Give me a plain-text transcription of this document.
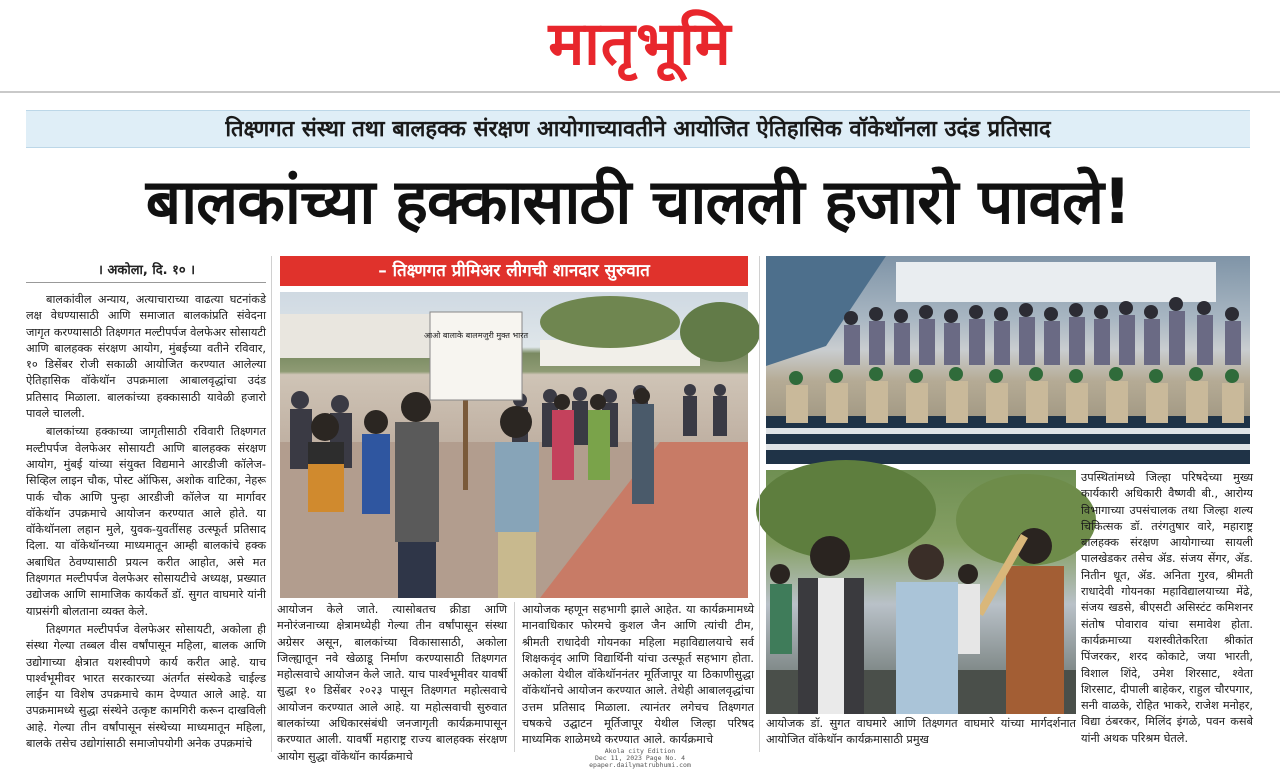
मातृभूमि
तिक्ष्णगत संस्था तथा बालहक्क संरक्षण आयोगाच्यावतीने आयोजित ऐतिहासिक वॉकेथॉनला उदंड प्रतिसाद
बालकांच्या हक्कासाठी चालली हजारो पावले!
। अकोला, दि. १० ।

बालकांवील अन्याय, अत्याचाराच्या वाढत्या घटनांकडे लक्ष वेधण्यासाठी आणि समाजात बालकांप्रति संवेदना जागृत करण्यासाठी तिक्ष्णगत मल्टीपर्पज वेलफेअर सोसायटी आणि बालहक्क संरक्षण आयोग, मुंबईच्या वतीने रविवार, १० डिसेंबर रोजी सकाळी आयोजित करण्यात आलेल्या ऐतिहासिक वॉकेथॉन उपक्रमाला आबालवृद्धांचा उदंड प्रतिसाद मिळाला. बालकांच्या हक्कासाठी यावेळी हजारो पावले चालली.

बालकांच्या हक्काच्या जागृतीसाठी रविवारी तिक्ष्णगत मल्टीपर्पज वेलफेअर सोसायटी आणि बालहक्क संरक्षण आयोग, मुंबई यांच्या संयुक्त विद्यमाने आरडीजी कॉलेज-सिव्हिल लाइन चौक, पोस्ट ऑफिस, अशोक वाटिका, नेहरू पार्क चौक आणि पुन्हा आरडीजी कॉलेज या मार्गावर वॉकेथॉन उपक्रमाचे आयोजन करण्यात आले होते. या वॉकेथॉनला लहान मुले, युवक-युवतींसह उत्स्फूर्त प्रतिसाद दिला. या वॉकेथॉनच्या माध्यमातून आम्ही बालकांचे हक्क अबाधित ठेवण्यासाठी प्रयत्न करीत आहोत, असे मत तिक्ष्णगत मल्टीपर्पज वेलफेअर सोसायटीचे अध्यक्ष, प्रख्यात उद्योजक आणि सामाजिक कार्यकर्ते डॉ. सुगत वाघमारे यांनी याप्रसंगी बोलताना व्यक्त केले.

तिक्ष्णगत मल्टीपर्पज वेलफेअर सोसायटी, अकोला ही संस्था गेल्या तब्बल वीस वर्षांपासून महिला, बालक आणि उद्योगाच्या क्षेत्रात यशस्वीपणे कार्य करीत आहे. याच पार्श्वभूमीवर भारत सरकारच्या अंतर्गत संस्थेकडे चाईल्ड लाईन या विशेष उपक्रमाचे काम देण्यात आले आहे. या उपक्रमामध्ये सुद्धा संस्थेने उत्कृष्ट कामगिरी करून दाखविली आहे. गेल्या तीन वर्षांपासून संस्थेच्या माध्यमातून महिला, बालके तसेच उद्योगांसाठी समाजोपयोगी अनेक उपक्रमांचे

– तिक्ष्णगत प्रीमिअर लीगची शानदार सुरुवात
आओ बालाके बालमजुरी मुक्त भारत
आयोजन केले जाते. त्यासोबतच क्रीडा आणि मनोरंजनाच्या क्षेत्रामध्येही गेल्या तीन वर्षांपासून संस्था अग्रेसर असून, बालकांच्या विकासासाठी, अकोला जिल्ह्यातून नवे खेळाडू निर्माण करण्यासाठी तिक्ष्णगत महोत्सवाचे आयोजन केले जाते. याच पार्श्वभूमीवर यावर्षी सुद्धा १० डिसेंबर २०२३ पासून तिक्ष्णगत महोत्सवाचे आयोजन करण्यात आले आहे. या महोत्सवाची सुरुवात बालकांच्या अधिकारसंबंधी जनजागृती कार्यक्रमापासून करण्यात आली. यावर्षी महाराष्ट्र राज्य बालहक्क संरक्षण आयोग सुद्धा वॉकेथॉन कार्यक्रमाचे
आयोजक म्हणून सहभागी झाले आहेत. या कार्यक्रमामध्ये मानवाधिकार फोरमचे कुशल जैन आणि त्यांची टीम, श्रीमती राधादेवी गोयनका महिला महाविद्यालयाचे सर्व शिक्षकवृंद आणि विद्यार्थिनी यांचा उत्स्फूर्त सहभाग होता. अकोला येथील वॉकेथॉननंतर मूर्तिजापूर या ठिकाणीसुद्धा वॉकेथॉनचे आयोजन करण्यात आले. तेथेही आबालवृद्धांचा उत्तम प्रतिसाद मिळाला. त्यानंतर लगेचच तिक्ष्णगत चषकचे उद्घाटन मूर्तिजापूर येथील जिल्हा परिषद माध्यमिक शाळेमध्ये करण्यात आले. कार्यक्रमाचे
उपस्थितांमध्ये जिल्हा परिषदेच्या मुख्य कार्यकारी अधिकारी वैष्णवी बी., आरोग्य विभागाच्या उपसंचालक तथा जिल्हा शल्य चिकित्सक डॉ. तरंगतुषार वारे, महाराष्ट्र बालहक्क संरक्षण आयोगाच्या सायली पालखेडकर तसेच ॲड. संजय सेंगर, ॲड. नितीन धूत, ॲड. अनिता गुरव, श्रीमती राधादेवी गोयनका महाविद्यालयाच्या मेंढे, संजय खडसे, बीएसटी असिस्टंट कमिशनर संतोष पोवाराव यांचा समावेश होता. कार्यक्रमाच्या यशस्वीतेकरिता श्रीकांत पिंजरकर, शरद कोकाटे, जया भारती, विशाल शिंदे, उमेश शिरसाट, श्वेता शिरसाट, दीपाली बाहेकर, राहुल चौरपगार, सनी वाळके, रोहित भाकरे, राजेश मनोहर, विद्या ठंबरकर, मिलिंद इंगळे, पवन कसबे यांनी अथक परिश्रम घेतले.
आयोजक डॉ. सुगत वाघमारे आणि तिक्ष्णगत वाघमारे यांच्या मार्गदर्शनात आयोजित वॉकेथॉन कार्यक्रमासाठी प्रमुख
Akola city Edition
Dec 11, 2023 Page No. 4
epaper.dailymatrubhumi.com
